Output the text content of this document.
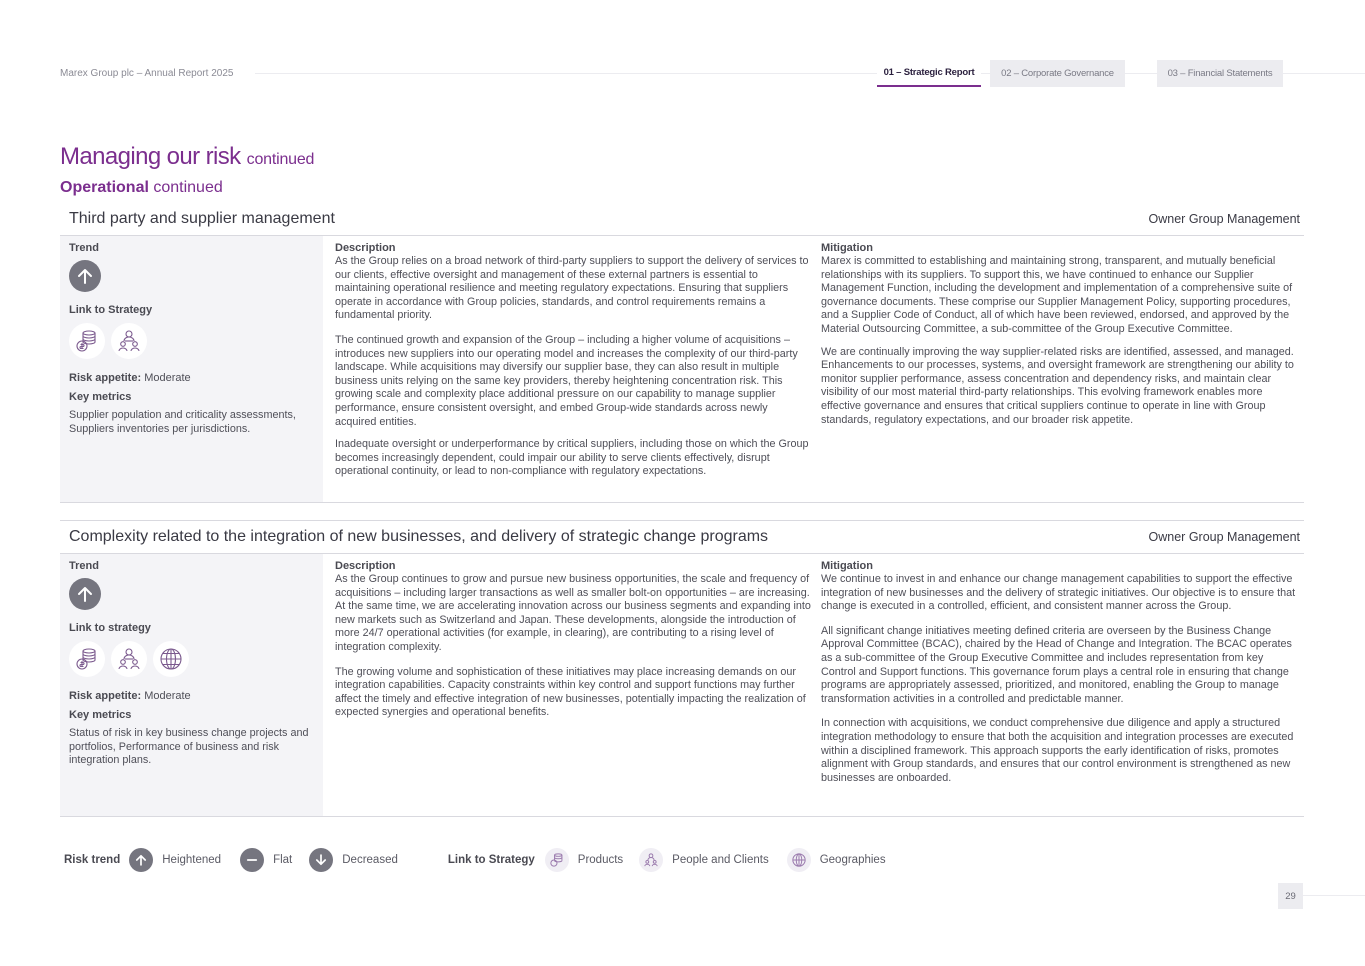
Marex Group plc – Annual Report 2025	01 – Strategic Report	02 – Corporate Governance	03 – Financial Statements
Managing our risk continued
Operational continued
Third party and supplier management	Owner Group Management
Trend
Link to Strategy
Risk appetite: Moderate
Key metrics
Supplier population and criticality assessments, Suppliers inventories per jurisdictions.
Description
As the Group relies on a broad network of third-party suppliers to support the delivery of services to our clients, effective oversight and management of these external partners is essential to maintaining operational resilience and meeting regulatory expectations. Ensuring that suppliers operate in accordance with Group policies, standards, and control requirements remains a fundamental priority.
The continued growth and expansion of the Group – including a higher volume of acquisitions – introduces new suppliers into our operating model and increases the complexity of our third-party landscape. While acquisitions may diversify our supplier base, they can also result in multiple business units relying on the same key providers, thereby heightening concentration risk. This growing scale and complexity place additional pressure on our capability to manage supplier performance, ensure consistent oversight, and embed Group-wide standards across newly acquired entities.
Inadequate oversight or underperformance by critical suppliers, including those on which the Group becomes increasingly dependent, could impair our ability to serve clients effectively, disrupt operational continuity, or lead to non-compliance with regulatory expectations.
Mitigation
Marex is committed to establishing and maintaining strong, transparent, and mutually beneficial relationships with its suppliers. To support this, we have continued to enhance our Supplier Management Function, including the development and implementation of a comprehensive suite of governance documents. These comprise our Supplier Management Policy, supporting procedures, and a Supplier Code of Conduct, all of which have been reviewed, endorsed, and approved by the Material Outsourcing Committee, a sub-committee of the Group Executive Committee.
We are continually improving the way supplier-related risks are identified, assessed, and managed. Enhancements to our processes, systems, and oversight framework are strengthening our ability to monitor supplier performance, assess concentration and dependency risks, and maintain clear visibility of our most material third-party relationships. This evolving framework enables more effective governance and ensures that critical suppliers continue to operate in line with Group standards, regulatory expectations, and our broader risk appetite.
Complexity related to the integration of new businesses, and delivery of strategic change programs	Owner Group Management
Trend
Link to strategy
Risk appetite: Moderate
Key metrics
Status of risk in key business change projects and portfolios, Performance of business and risk integration plans.
Description
As the Group continues to grow and pursue new business opportunities, the scale and frequency of acquisitions – including larger transactions as well as smaller bolt-on opportunities – are increasing. At the same time, we are accelerating innovation across our business segments and expanding into new markets such as Switzerland and Japan. These developments, alongside the introduction of more 24/7 operational activities (for example, in clearing), are contributing to a rising level of integration complexity.
The growing volume and sophistication of these initiatives may place increasing demands on our integration capabilities. Capacity constraints within key control and support functions may further affect the timely and effective integration of new businesses, potentially impacting the realization of expected synergies and operational benefits.
Mitigation
We continue to invest in and enhance our change management capabilities to support the effective integration of new businesses and the delivery of strategic initiatives. Our objective is to ensure that change is executed in a controlled, efficient, and consistent manner across the Group.
All significant change initiatives meeting defined criteria are overseen by the Business Change Approval Committee (BCAC), chaired by the Head of Change and Integration. The BCAC operates as a sub-committee of the Group Executive Committee and includes representation from key Control and Support functions. This governance forum plays a central role in ensuring that change programs are appropriately assessed, prioritized, and monitored, enabling the Group to manage transformation activities in a controlled and predictable manner.
In connection with acquisitions, we conduct comprehensive due diligence and apply a structured integration methodology to ensure that both the acquisition and integration processes are executed within a disciplined framework. This approach supports the early identification of risks, promotes alignment with Group standards, and ensures that our control environment is strengthened as new businesses are onboarded.
Risk trend	Heightened	Flat	Decreased	Link to Strategy	Products	People and Clients	Geographies
29
